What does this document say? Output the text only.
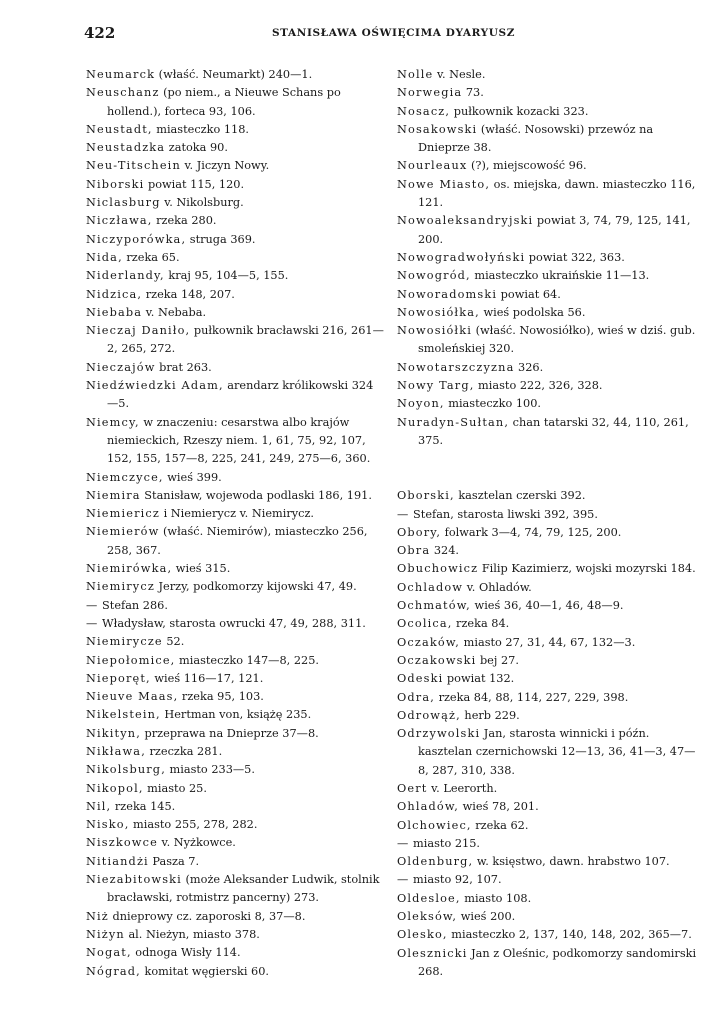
422	STANISŁAWA OŚWIĘCIMA DYARYUSZ
Neumarck (właść. Neumarkt) 240—1.
Neuschanz (po niem., a Nieuwe Schans po hollend.), forteca 93, 106.
Neustadt, miasteczko 118.
Neustadzka zatoka 90.
Neu-Titschein v. Jiczyn Nowy.
Niborski powiat 115, 120.
Niclasburg v. Nikolsburg.
Niczława, rzeka 280.
Niczyporówka, struga 369.
Nida, rzeka 65.
Niderlandy, kraj 95, 104—5, 155.
Nidzica, rzeka 148, 207.
Niebaba v. Nebaba.
Nieczaj Daniło, pułkownik bracławski 216, 261—2, 265, 272.
Nieczajów brat 263.
Niedźwiedzki Adam, arendarz królikowski 324—5.
Niemcy, w znaczeniu: cesarstwa albo krajów niemieckich, Rzeszy niem. 1, 61, 75, 92, 107, 152, 155, 157—8, 225, 241, 249, 275—6, 360.
Niemczyce, wieś 399.
Niemira Stanisław, wojewoda podlaski 186, 191.
Niemiericz i Niemierycz v. Niemirycz.
Niemierów (właść. Niemirów), miasteczko 256, 258, 367.
Niemirówka, wieś 315.
Niemirycz Jerzy, podkomorzy kijowski 47, 49.
— Stefan 286.
— Władysław, starosta owrucki 47, 49, 288, 311.
Niemirycze 52.
Niepołomice, miasteczko 147—8, 225.
Nieporęt, wieś 116—17, 121.
Nieuve Maas, rzeka 95, 103.
Nikelstein, Hertman von, książę 235.
Nikityn, przeprawa na Dnieprze 37—8.
Nikława, rzeczka 281.
Nikolsburg, miasto 233—5.
Nikopol, miasto 25.
Nil, rzeka 145.
Nisko, miasto 255, 278, 282.
Niszkowce v. Nyżkowce.
Nitiandżi Pasza 7.
Niezabitowski (może Aleksander Ludwik, stolnik bracławski, rotmistrz pancerny) 273.
Niż dnieprowy cz. zaporoski 8, 37—8.
Niżyn al. Nieżyn, miasto 378.
Nogat, odnoga Wisły 114.
Nógrad, komitat węgierski 60.
Nolle v. Nesle.
Norwegia 73.
Nosacz, pułkownik kozacki 323.
Nosakowski (właść. Nosowski) przewóz na Dnieprze 38.
Nourleaux (?), miejscowość 96.
Nowe Miasto, os. miejska, dawn. miasteczko 116, 121.
Nowoaleksandryjski powiat 3, 74, 79, 125, 141, 200.
Nowogradwołyński powiat 322, 363.
Nowogród, miasteczko ukraińskie 11—13.
Noworadomski powiat 64.
Nowosiółka, wieś podolska 56.
Nowosiółki (właść. Nowosiółko), wieś w dziś. gub. smoleńskiej 320.
Nowotarszczyzna 326.
Nowy Targ, miasto 222, 326, 328.
Noyon, miasteczko 100.
Nuradyn-Sułtan, chan tatarski 32, 44, 110, 261, 375.
Oborski, kasztelan czerski 392.
— Stefan, starosta liwski 392, 395.
Obory, folwark 3—4, 74, 79, 125, 200.
Obra 324.
Obuchowicz Filip Kazimierz, wojski mozyrski 184.
Ochladow v. Ohladów.
Ochmatów, wieś 36, 40—1, 46, 48—9.
Ocolica, rzeka 84.
Oczaków, miasto 27, 31, 44, 67, 132—3.
Oczakowski bej 27.
Odeski powiat 132.
Odra, rzeka 84, 88, 114, 227, 229, 398.
Odrowąż, herb 229.
Odrzywolski Jan, starosta winnicki i późn. kasztelan czernichowski 12—13, 36, 41—3, 47—8, 287, 310, 338.
Oert v. Leerorth.
Ohladów, wieś 78, 201.
Olchowiec, rzeka 62.
— miasto 215.
Oldenburg, w. księstwo, dawn. hrabstwo 107.
— miasto 92, 107.
Oldesloe, miasto 108.
Oleksów, wieś 200.
Olesko, miasteczko 2, 137, 140, 148, 202, 365—7.
Olesznicki Jan z Oleśnic, podkomorzy sandomirski 268.
